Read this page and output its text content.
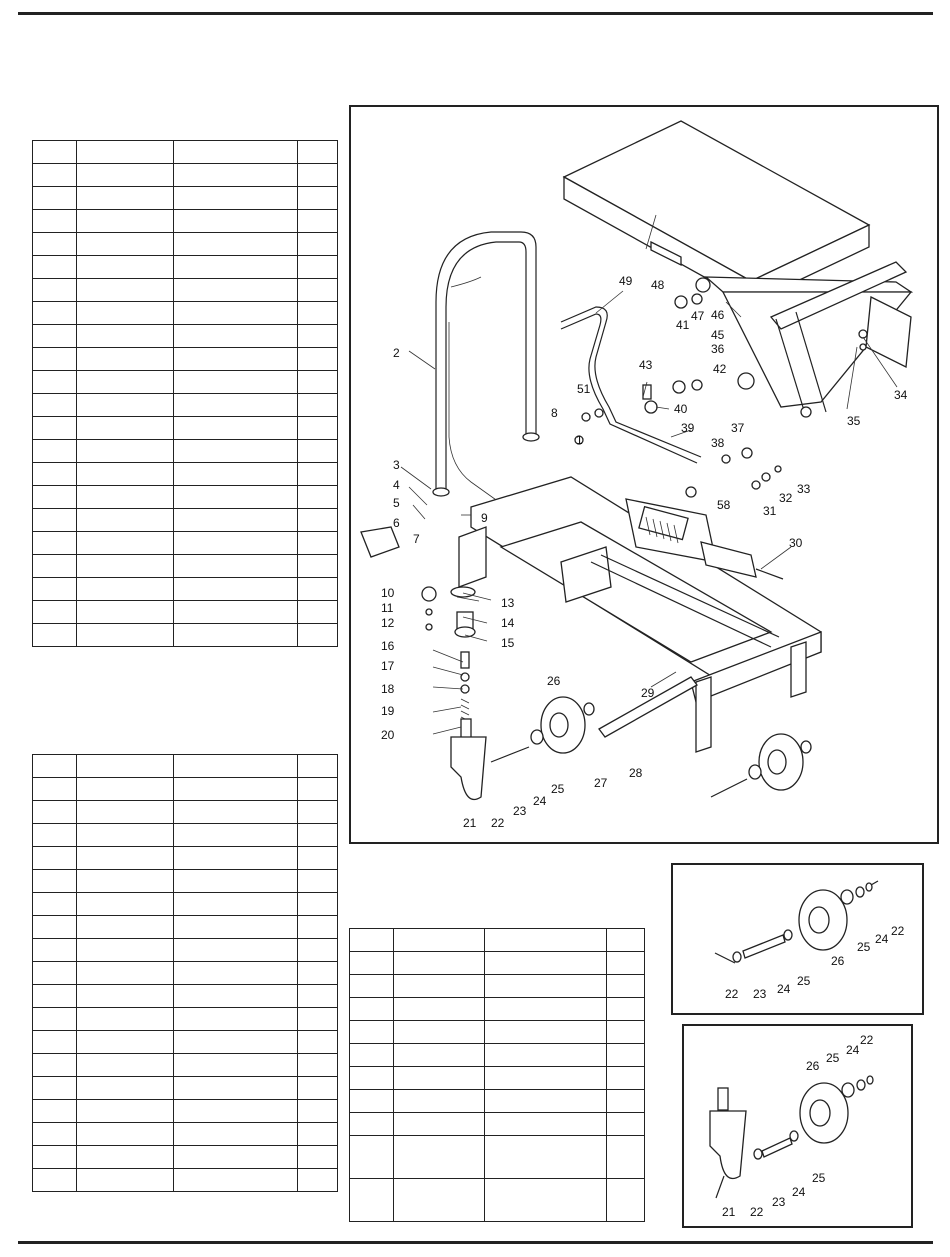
1
2
3
4
5
6
7
8
9
10
11
12
13
14
15
16
17
18
19
20
21 22
23
24
25
26
27
28
29
30
31
32
33
34
35
36
37
38
39
40
41
42
43
45
46
47
48
49
51
58
22 23 24
25
26
25
24
22
21 22
23
24
25
26
25
24
22
